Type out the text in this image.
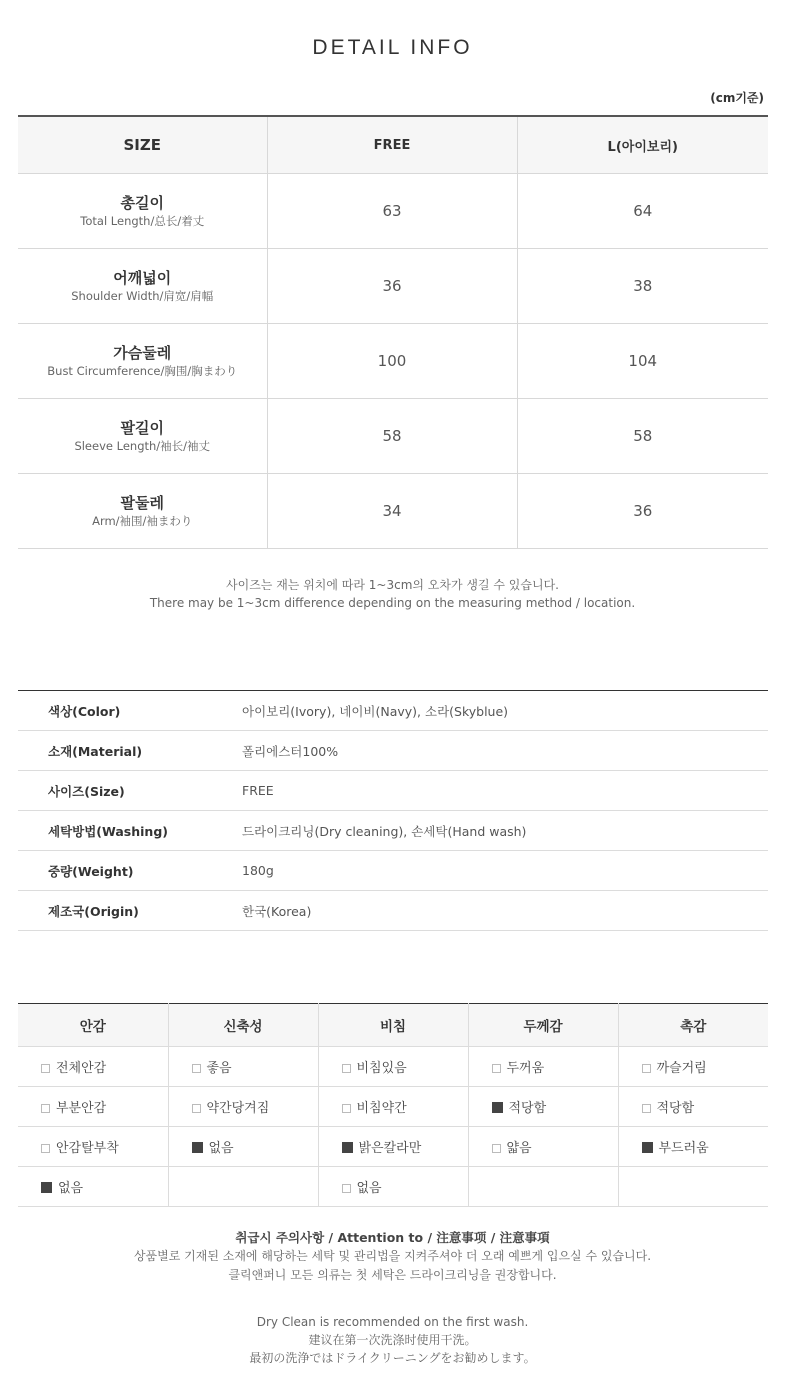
DETAIL INFO
(cm기준)
SIZE	FREE	L(아이보리)

총길이
Total Length/总长/着丈	63	64

어깨넓이
Shoulder Width/肩宽/肩幅	36	38

가슴둘레
Bust Circumference/胸围/胸まわり	100	104

팔길이
Sleeve Length/袖长/袖丈	58	58

팔둘레
Arm/袖围/袖まわり	34	36
사이즈는 재는 위치에 따라 1~3cm의 오차가 생길 수 있습니다.
There may be 1~3cm difference depending on the measuring method / location.
색상(Color)	아이보리(Ivory), 네이비(Navy), 소라(Skyblue)
소재(Material)	폴리에스터100%
사이즈(Size)	FREE
세탁방법(Washing)	드라이크리닝(Dry cleaning), 손세탁(Hand wash)
중량(Weight)	180g
제조국(Origin)	한국(Korea)
안감	신축성	비침	두께감	촉감
전체안감	좋음	비침있음	두꺼움	까슬거림
부분안감	약간당겨짐	비침약간	적당함	적당함
안감탈부착	없음	밝은칼라만	얇음	부드러움
없음		없음		
취급시 주의사항 / Attention to / 注意事项 / 注意事項
상품별로 기재된 소재에 해당하는 세탁 및 관리법을 지켜주셔야 더 오래 예쁘게 입으실 수 있습니다.
클릭앤퍼니 모든 의류는 첫 세탁은 드라이크리닝을 권장합니다.
Dry Clean is recommended on the first wash.
建议在第一次洗涤时使用干洗。
最初の洗浄ではドライクリーニングをお勧めします。
